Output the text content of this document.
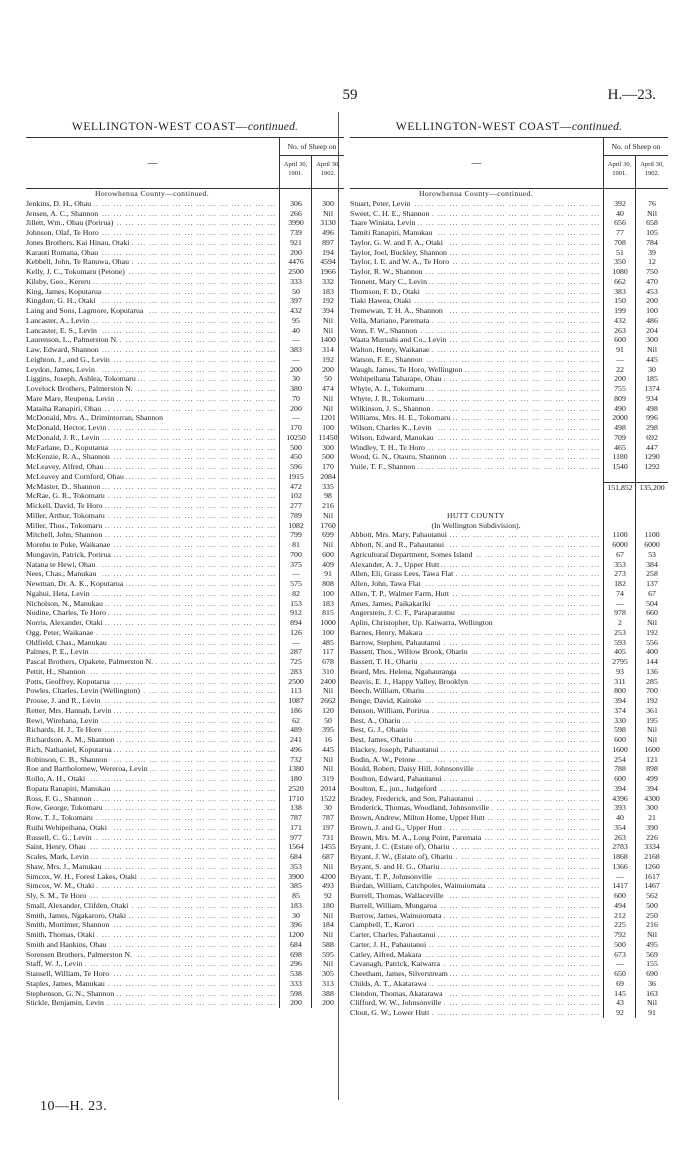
59	H.—23.
WELLINGTON-WEST COAST—continued.
—
No. of Sheep on
April 30, 1901.
April 30, 1902.
Horowhenua County—continued.
Jenkins, D. H., Ohau ... .	306	300
Jensen, A. C., Shannon ... .	266	Nil
Jillett, Wm., Ohau (Porirua) ... .	3990	3130
Johnson, Olaf, Te Horo ... .	739	496
Jones Brothers, Kai Hinau, Otaki ... .	921	897
Karauti Romana, Ohau ... .	200	194
Kebbell, John, Te Ranuwa, Ohau ... .	4476	4594
Kelly, J. C., Tokomaru (Petone) ... .	2500	1966
Kilsby, Geo., Kereru ... .	333	332
King, James, Koputarua ... .	50	183
Kingdon, G. H., Otaki ... .	397	192
Laing and Sons, Lagmore, Koputarua ... .	432	394
Lancaster, A., Levin ... .	95	Nil
Lancaster, E. S., Levin ... .	40	Nil
Laurenson, L., Palmerston N. ... .	—	1400
Law, Edward, Shannon ... .	383	314
Leighton, J., and G., Levin ... .	—	192
Leydon, James, Levin ... .	200	200
Liggins, Joseph, Ashlea, Tokomaru ... .	30	50
Lovelock Brothers, Palmerston N. ... .	380	474
Mare Mare, Reupena, Levin ... .	70	Nil
Mataiha Ranapiri, Ohau ... .	200	Nil
McDonald, Mrs. A., Drimintorran, Shannon	—	1201
McDonald, Hector, Levin ... .	170	100
McDonald, J. R., Levin ... .	10250	11450
McFarlane, D., Koputarua ... .	500	300
McKenzie, R. A., Shannon ... .	450	500
McLeavey, Alfred, Ohau ... .	596	170
McLeavey and Cornford, Ohau ... .	1915	2084
McMaster, D., Shannon ... .	472	335
McRae, G. R., Tokomaru ... .	102	98
Mickell, David, Te Horo ... .	277	216
Miller, Arthur, Tokomaru ... .	789	Nil
Miller, Thos., Tokomaru ... .	1082	1760
Mitchell, John, Shannon ... .	799	699
Morehu te Puke, Waikanae ... .	81	Nil
Mungavin, Patrick, Porirua ... .	700	600
Natana te Hewi, Ohau ... .	375	409
Nees, Chas., Manukau ... .	—	91
Newman, Dr. A. K., Koputarua ... .	575	808
Ngahui, Heta, Levin ... .	82	100
Nicholson, N., Manukau ... .	153	183
Nodine, Charles, Te Horo ... .	912	815
Norris, Alexander, Otaki ... .	894	1000
Ogg, Peter, Waikanae ... .	126	100
Oldfield, Chas., Manukau ... .	—	485
Palmes, P. E., Levin ... .	287	117
Pascal Brothers, Opakete, Palmerston N. ... .	725	678
Pettit, H., Shannon ... .	283	310
Potts, Geoffrey, Koputarua ... .	2500	2400
Powles, Charles, Levin (Wellington) ... .	113	Nil
Prouse, J. and R., Levin ... .	1087	2662
Retter, Mrs. Hannah, Levin ... .	186	120
Rewi, Wirehana, Levin ... .	62	50
Richards, H. J., Te Horo ... .	489	395
Richardson, A. M., Shannon ... .	241	16
Rich, Nathaniel, Koputarua ... .	496	445
Robinson, C. B., Shannon ... .	732	Nil
Roe and Bartholomew, Wereroa, Levin ... .	1380	Nil
Rollo, A. H., Otaki ... .	180	319
Ropata Ranapiri, Manukau ... .	2520	2014
Ross, F. G., Shannon ... .	1710	1522
Row, George, Tokomaru ... .	138	30
Row, T. J., Tokomaru ... .	787	787
Ruihi Wehipeihana, Otaki ... .	171	197
Russell, C. G., Levin ... .	977	731
Saint, Henry, Ohau ... .	1564	1455
Scales, Mark, Levin ... .	684	687
Shaw, Mrs. J., Manukau ... .	353	Nil
Simcox, W. H., Forest Lakes, Otaki ... .	3900	4200
Simcox, W. M., Otaki ... .	385	493
Sly, S. M., Te Horo ... .	85	92
Small, Alexander, Clifden, Otaki ... .	183	180
Smith, James, Ngakaroro, Otaki ... .	30	Nil
Smith, Mortimer, Shannon ... .	396	184
Smith, Thomas, Otaki ... .	1200	Nil
Smith and Hankins, Ohau ... .	684	588
Sorensen Brothers, Palmerston N. ... .	698	595
Staff, W. J., Levin ... .	296	Nil
Stansell, William, Te Horo ... .	538	305
Staples, James, Manukau ... .	333	313
Stephenson, G. N., Shannon ... .	598	388
Stickle, Benjamin, Levin ... .	200	200
WELLINGTON-WEST COAST—continued.
—
No. of Sheep on
April 30, 1901.
April 30, 1902.
Horowhenua County—continued.
Stuart, Peter, Levin ... .	392	76
Sweet, C. H. E., Shannon ... .	40	Nil
Taare Winiata, Levin ... .	656	658
Tamiti Ranapiri, Manukau ... .	77	105
Taylor, G. W. and F. A., Otaki ... .	708	784
Taylor, Joel, Buckley, Shannon ... .	51	39
Taylor, I. E. and W. A., Te Horo ... .	350	12
Taylor, R. W., Shannon ... .	1080	750
Tennent, Mary C., Levin ... .	662	470
Thomson, F. D., Otaki ... .	383	453
Tiaki Hawea, Otaki ... .	150	200
Tremewan, T. H. A., Shannon ... .	199	100
Vella, Mariano, Paremata ... .	432	486
Venn, F. W., Shannon ... .	263	204
Waata Muruahi and Co., Levin ... .	600	300
Walton, Henry, Waikanae ... .	91	Nil
Watson, F. E., Shannon ... .	—	445
Waugh, James, Te Horo, Wellington ... .	22	30
Wehipeihana Taharape, Ohau ... .	200	185
Whyte, A. J., Tokomaru ... .	755	1374
Whyte, J. R., Tokomaru ... .	809	934
Wilkinson, J. S., Shannon ... .	490	498
Williams, Mrs. H. E., Tokomaru ... .	2000	996
Wilson, Charles K., Levin ... .	498	298
Wilson, Edward, Manukau ... .	709	692
Windley, T. H., Te Horo ... .	465	447
Wood, G. N., Otauru, Shannon ... .	1180	1290
Yuile, T. F., Shannon ... .	1540	1292
151,852 135,200
HUTT COUNTY
(In Wellington Subdivision).
Abbott, Mrs. Mary, Pahautanui ... .	1100	1100
Abbott, N. and R., Pahautanui ... .	6000	6000
Agricultural Department, Somes Island ... .	67	53
Alexander, A. J., Upper Hutt ... .	353	384
Allen, Eli, Grass Lees, Tawa Flat ... .	273	258
Allen, John, Tawa Flat ... .	182	137
Allen, T. P., Walmer Farm, Hutt ... .	74	67
Ames, James, Paikakariki ... .	—	504
Angerstein, J. C. F., Paraparaumu ... .	978	660
Aplin, Christopher, Up. Kaiwarra, Wellington	2	Nil
Barnes, Henry, Makara ... .	253	192
Barrow, Stephen, Pahautanui ... .	593	556
Bassett, Thos., Willow Brook, Ohariu ... .	405	400
Bassett, T. H., Ohariu ... .	2795	144
Beard, Mrs. Helena, Ngahauranga ... .	93	136
Beavis, E. J., Happy Valley, Brooklyn ... .	311	285
Beech, William, Ohariu ... .	800	700
Benge, David, Kaitoke ... .	394	192
Benson, William, Porirua ... .	374	361
Best, A., Ohariu ... .	330	195
Best, G. J., Ohariu ... .	598	Nil
Best, James, Ohariu ... .	600	Nil
Blackey, Joseph, Pahautanui ... .	1600	1600
Bodin, A. W., Petone ... .	254	121
Bould, Robert, Daisy Hill, Johnsonville ... .	788	898
Boulton, Edward, Pahautanui ... .	600	499
Boulton, E., jun., Judgeford ... .	394	394
Bradey, Frederick, and Son, Pahautanui ... .	4396	4300
Broderick, Thomas, Woodland, Johnsonville ... .	393	300
Brown, Andrew, Milton Home, Upper Hutt ... .	40	21
Brown, J. and G., Upper Hutt ... .	354	390
Brown, Mrs. M. A., Long Point, Paremata ... .	263	226
Bryant, J. C. (Estate of), Ohariu ... .	2783	3334
Bryant, J. W., (Estate of), Ohariu ... .	1868	2168
Bryant, S. and H. G., Ohariu ... .	1366	1260
Bryant, T. P., Johnsonville ... .	—	1617
Burdan, William, Catchpoles, Wainuiomata ... .	1417	1467
Burrell, Thomas, Wallaceville ... .	600	562
Burrell, William, Mungaroa ... .	494	500
Burrow, James, Wainuiomata ... .	212	250
Campbell, T., Karori ... .	225	216
Carter, Charles, Pahautanui ... .	792	Nil
Carter, J. H., Pahautanui ... .	500	495
Catley, Alfred, Makara ... .	673	569
Cavanagh, Patrick, Kaiwarra ... .	—	155
Cheetham, James, Silverstream ... .	650	690
Childs, A. T., Akatarawa ... .	69	36
Clendon, Thomas, Akatarawa ... .	145	163
Clifford, W. W., Johnsonville ... .	43	Nil
Clout, G. W., Lower Hutt ... .	92	91
10—H. 23.
